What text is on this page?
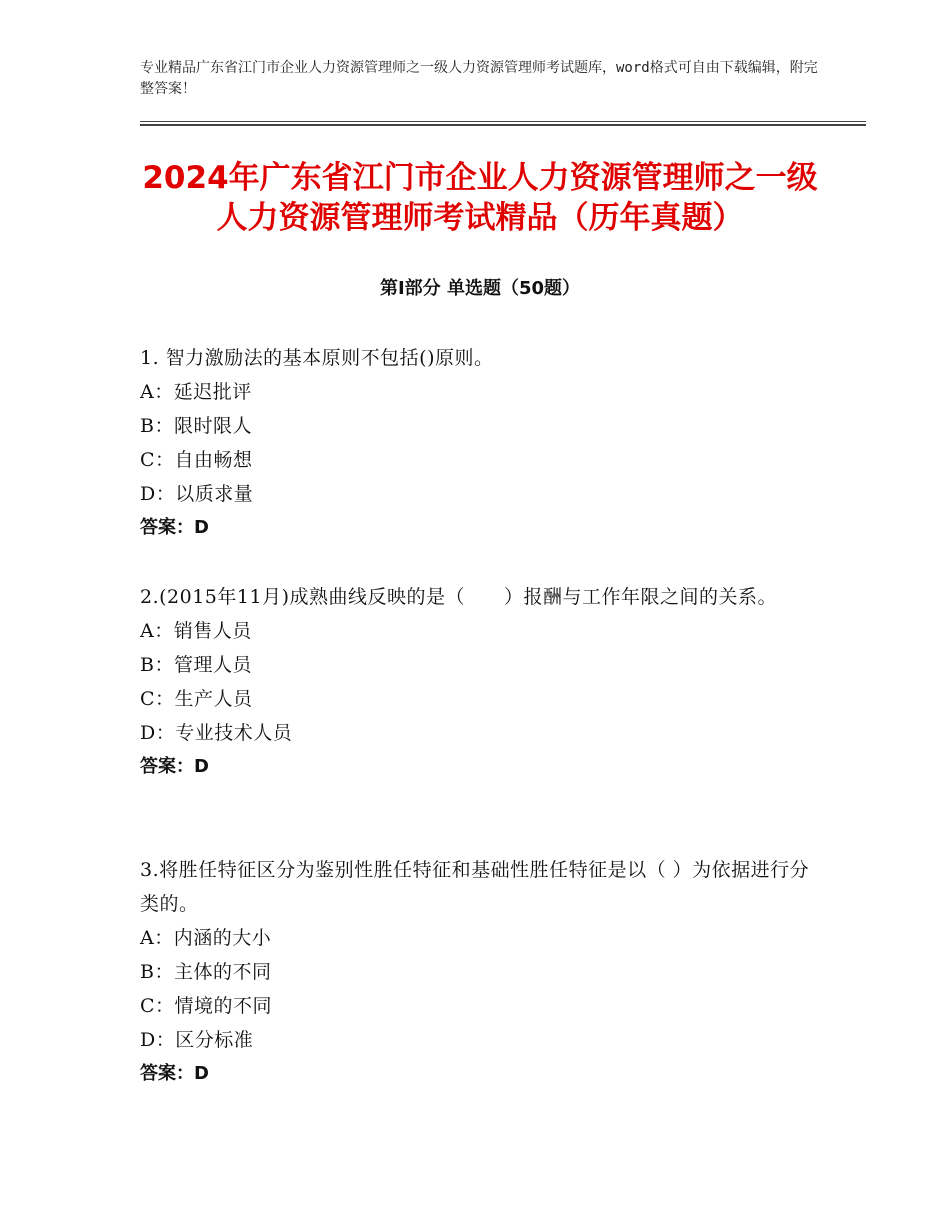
专业精品广东省江门市企业人力资源管理师之一级人力资源管理师考试题库，word格式可自由下载编辑，附完整答案！
2024年广东省江门市企业人力资源管理师之一级人力资源管理师考试精品（历年真题）
第Ⅰ部分 单选题（50题）

1. 智力激励法的基本原则不包括()原则。

A：延迟批评

B：限时限人

C：自由畅想

D：以质求量

答案：D

2.(2015年11月)成熟曲线反映的是（　　）报酬与工作年限之间的关系。

A：销售人员

B：管理人员

C：生产人员

D：专业技术人员

答案：D

3.将胜任特征区分为鉴别性胜任特征和基础性胜任特征是以（ ）为依据进行分类的。

A：内涵的大小

B：主体的不同

C：情境的不同

D：区分标准

答案：D
